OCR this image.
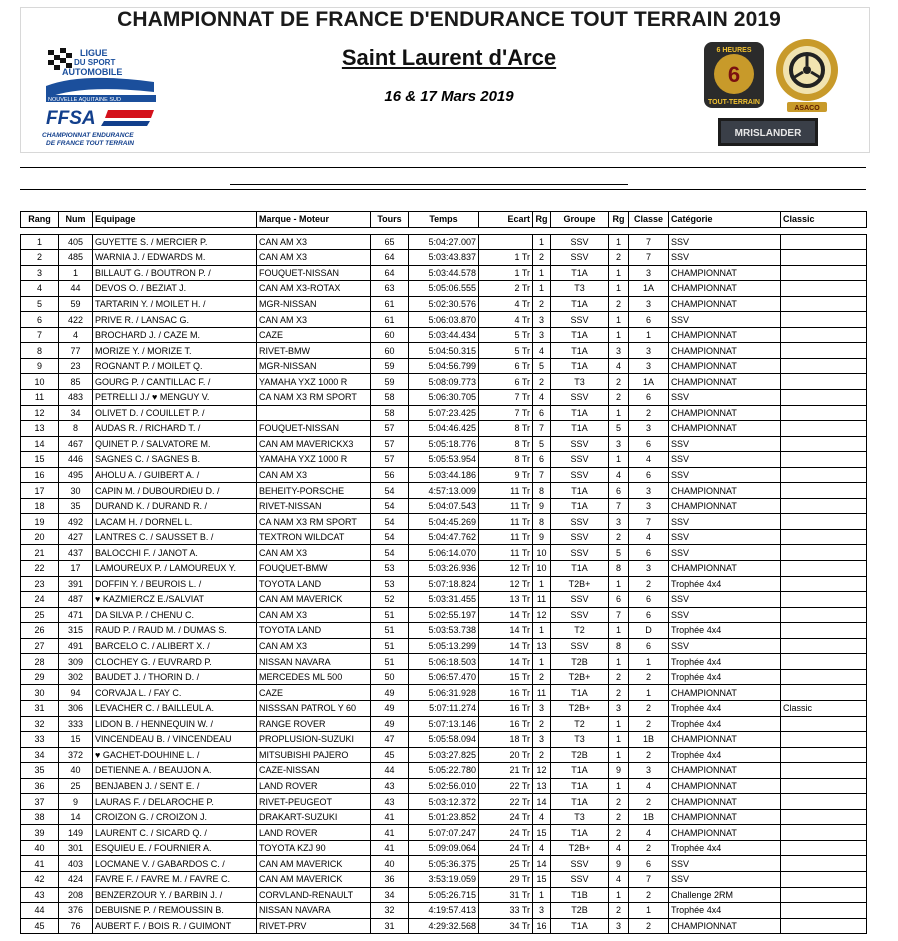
CHAMPIONNAT DE FRANCE D'ENDURANCE TOUT TERRAIN 2019
Saint Laurent d'Arce
16 & 17 Mars 2019
LIGUE
DU SPORT
AUTOMOBILE
NOUVELLE AQUITAINE SUD
FFSA
CHAMPIONNAT ENDURANCE
DE FRANCE TOUT TERRAIN
6
6 HEURES
TOUT-TERRAIN
ASACO
MRISLANDER
Rang	Num	Equipage	Marque - Moteur	Tours	Temps	Ecart	Rg	Groupe	Rg	Classe	Catégorie	Classic

1	405	GUYETTE S. / MERCIER P.	CAN AM X3	65	5:04:27.007		1	SSV	1	7	SSV	
2	485	WARNIA J. / EDWARDS M.	CAN AM X3	64	5:03:43.837	1 Tr	2	SSV	2	7	SSV	
3	1	BILLAUT G. / BOUTRON P. /	FOUQUET-NISSAN	64	5:03:44.578	1 Tr	1	T1A	1	3	CHAMPIONNAT	
4	44	DEVOS O. / BEZIAT J.	CAN AM X3-ROTAX	63	5:05:06.555	2 Tr	1	T3	1	1A	CHAMPIONNAT	
5	59	TARTARIN Y. / MOILET H. /	MGR-NISSAN	61	5:02:30.576	4 Tr	2	T1A	2	3	CHAMPIONNAT	
6	422	PRIVE R. / LANSAC G.	CAN AM X3	61	5:06:03.870	4 Tr	3	SSV	1	6	SSV	
7	4	BROCHARD J. / CAZE M.	CAZE	60	5:03:44.434	5 Tr	3	T1A	1	1	CHAMPIONNAT	
8	77	MORIZE Y. / MORIZE T.	RIVET-BMW	60	5:04:50.315	5 Tr	4	T1A	3	3	CHAMPIONNAT	
9	23	ROGNANT P. / MOILET Q.	MGR-NISSAN	59	5:04:56.799	6 Tr	5	T1A	4	3	CHAMPIONNAT	
10	85	GOURG P. / CANTILLAC F. /	YAMAHA YXZ 1000 R	59	5:08:09.773	6 Tr	2	T3	2	1A	CHAMPIONNAT	
11	483	PETRELLI J./ ♥ MENGUY V.	CA NAM X3 RM SPORT	58	5:06:30.705	7 Tr	4	SSV	2	6	SSV	
12	34	OLIVET D. / COUILLET P. /		58	5:07:23.425	7 Tr	6	T1A	1	2	CHAMPIONNAT	
13	8	AUDAS R. / RICHARD T. /	FOUQUET-NISSAN	57	5:04:46.425	8 Tr	7	T1A	5	3	CHAMPIONNAT	
14	467	QUINET P. / SALVATORE M.	CAN AM MAVERICKX3	57	5:05:18.776	8 Tr	5	SSV	3	6	SSV	
15	446	SAGNES C. / SAGNES B.	YAMAHA YXZ 1000 R	57	5:05:53.954	8 Tr	6	SSV	1	4	SSV	
16	495	AHOLU A. / GUIBERT A. /	CAN AM X3	56	5:03:44.186	9 Tr	7	SSV	4	6	SSV	
17	30	CAPIN M. / DUBOURDIEU D. /	BEHEITY-PORSCHE	54	4:57:13.009	11 Tr	8	T1A	6	3	CHAMPIONNAT	
18	35	DURAND K. / DURAND R. /	RIVET-NISSAN	54	5:04:07.543	11 Tr	9	T1A	7	3	CHAMPIONNAT	
19	492	LACAM H. / DORNEL L.	CA NAM X3 RM SPORT	54	5:04:45.269	11 Tr	8	SSV	3	7	SSV	
20	427	LANTRES C. / SAUSSET B. /	TEXTRON WILDCAT	54	5:04:47.762	11 Tr	9	SSV	2	4	SSV	
21	437	BALOCCHI F. / JANOT A.	CAN AM X3	54	5:06:14.070	11 Tr	10	SSV	5	6	SSV	
22	17	LAMOUREUX P. / LAMOUREUX Y.	FOUQUET-BMW	53	5:03:26.936	12 Tr	10	T1A	8	3	CHAMPIONNAT	
23	391	DOFFIN Y. / BEUROIS L. /	TOYOTA LAND	53	5:07:18.824	12 Tr	1	T2B+	1	2	Trophée 4x4	
24	487	♥ KAZMIERCZ E./SALVIAT	CAN AM MAVERICK	52	5:03:31.455	13 Tr	11	SSV	6	6	SSV	
25	471	DA SILVA P. / CHENU C.	CAN AM X3	51	5:02:55.197	14 Tr	12	SSV	7	6	SSV	
26	315	RAUD P. / RAUD M. / DUMAS S.	TOYOTA LAND	51	5:03:53.738	14 Tr	1	T2	1	D	Trophée 4x4	
27	491	BARCELO C. / ALIBERT X. /	CAN AM X3	51	5:05:13.299	14 Tr	13	SSV	8	6	SSV	
28	309	CLOCHEY G. / EUVRARD P.	NISSAN NAVARA	51	5:06:18.503	14 Tr	1	T2B	1	1	Trophée 4x4	
29	302	BAUDET J. / THORIN D. /	MERCEDES ML 500	50	5:06:57.470	15 Tr	2	T2B+	2	2	Trophée 4x4	
30	94	CORVAJA L. / FAY C.	CAZE	49	5:06:31.928	16 Tr	11	T1A	2	1	CHAMPIONNAT	
31	306	LEVACHER C. / BAILLEUL A.	NISSSAN PATROL Y 60	49	5:07:11.274	16 Tr	3	T2B+	3	2	Trophée 4x4	Classic
32	333	LIDON B. / HENNEQUIN W. /	RANGE ROVER	49	5:07:13.146	16 Tr	2	T2	1	2	Trophée 4x4	
33	15	VINCENDEAU B. / VINCENDEAU	PROPLUSION-SUZUKI	47	5:05:58.094	18 Tr	3	T3	1	1B	CHAMPIONNAT	
34	372	♥ GACHET-DOUHINE L. /	MITSUBISHI PAJERO	45	5:03:27.825	20 Tr	2	T2B	1	2	Trophée 4x4	
35	40	DETIENNE A. / BEAUJON A.	CAZE-NISSAN	44	5:05:22.780	21 Tr	12	T1A	9	3	CHAMPIONNAT	
36	25	BENJABEN J. / SENT E. /	LAND ROVER	43	5:02:56.010	22 Tr	13	T1A	1	4	CHAMPIONNAT	
37	9	LAURAS F. / DELAROCHE P.	RIVET-PEUGEOT	43	5:03:12.372	22 Tr	14	T1A	2	2	CHAMPIONNAT	
38	14	CROIZON G. / CROIZON J.	DRAKART-SUZUKI	41	5:01:23.852	24 Tr	4	T3	2	1B	CHAMPIONNAT	
39	149	LAURENT C. / SICARD Q. /	LAND ROVER	41	5:07:07.247	24 Tr	15	T1A	2	4	CHAMPIONNAT	
40	301	ESQUIEU E. / FOURNIER A.	TOYOTA KZJ 90	41	5:09:09.064	24 Tr	4	T2B+	4	2	Trophée 4x4	
41	403	LOCMANE V. / GABARDOS C. /	CAN AM MAVERICK	40	5:05:36.375	25 Tr	14	SSV	9	6	SSV	
42	424	FAVRE F. / FAVRE M. / FAVRE C.	CAN AM MAVERICK	36	3:53:19.059	29 Tr	15	SSV	4	7	SSV	
43	208	BENZERZOUR Y. / BARBIN J. /	CORVLAND-RENAULT	34	5:05:26.715	31 Tr	1	T1B	1	2	Challenge 2RM	
44	376	DEBUISNE P. / REMOUSSIN B.	NISSAN NAVARA	32	4:19:57.413	33 Tr	3	T2B	2	1	Trophée 4x4	
45	76	AUBERT F. / BOIS R. / GUIMONT	RIVET-PRV	31	4:29:32.568	34 Tr	16	T1A	3	2	CHAMPIONNAT	
